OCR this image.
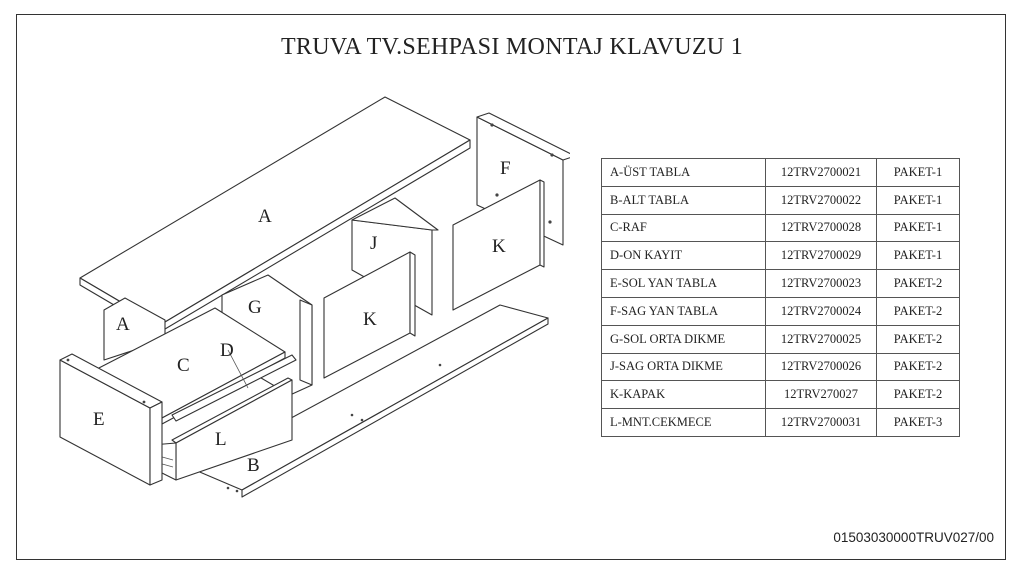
TRUVA TV.SEHPASI MONTAJ KLAVUZU 1
A
A
B
C
D
E
F
G
J	K
K
L
A-ÜST TABLA	12TRV2700021	PAKET-1
B-ALT TABLA	12TRV2700022	PAKET-1
C-RAF	12TRV2700028	PAKET-1
D-ON KAYIT	12TRV2700029	PAKET-1
E-SOL YAN TABLA	12TRV2700023	PAKET-2
F-SAG YAN TABLA	12TRV2700024	PAKET-2
G-SOL ORTA DIKME	12TRV2700025	PAKET-2
J-SAG ORTA DIKME	12TRV2700026	PAKET-2
K-KAPAK	12TRV270027	PAKET-2
L-MNT.CEKMECE	12TRV2700031	PAKET-3
01503030000TRUV027/00
